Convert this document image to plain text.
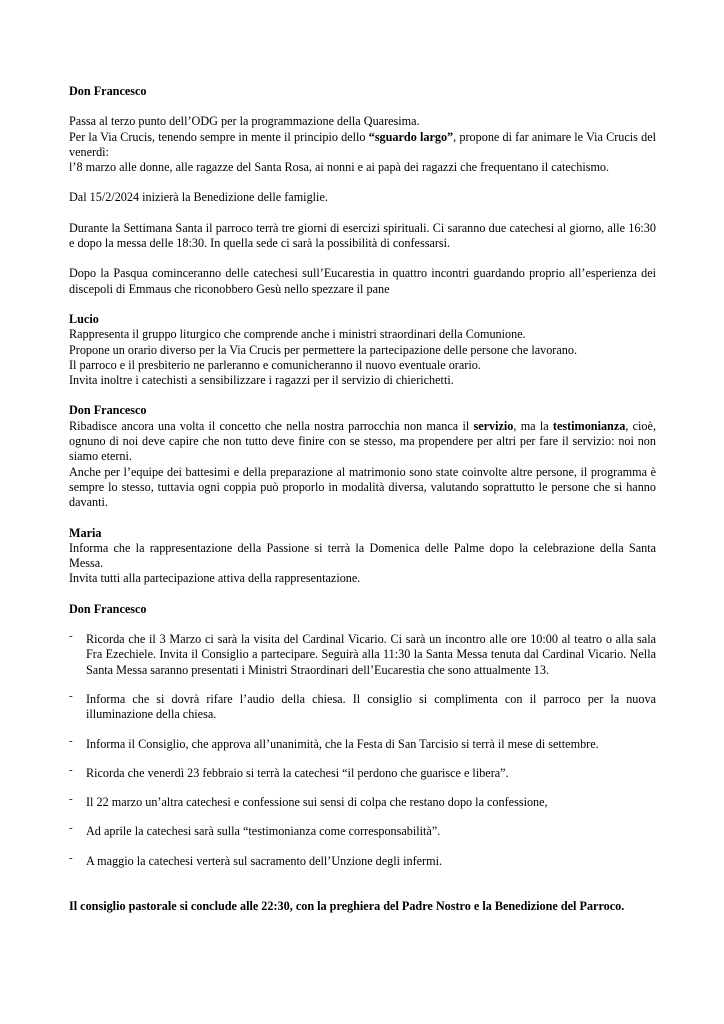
Don Francesco

Passa al terzo punto dell’ODG per la programmazione della Quaresima.

Per la Via Crucis, tenendo sempre in mente il principio dello “sguardo largo”, propone di far animare le Via Crucis del venerdì:

l’8 marzo alle donne, alle ragazze del Santa Rosa, ai nonni e ai papà dei ragazzi che frequentano il catechismo.

Dal 15/2/2024 inizierà la Benedizione delle famiglie.

Durante la Settimana Santa il parroco terrà tre giorni di esercizi spirituali. Ci saranno due catechesi al giorno, alle 16:30 e dopo la messa delle 18:30. In quella sede ci sarà la possibilità di confessarsi.

Dopo la Pasqua cominceranno delle catechesi sull’Eucarestia in quattro incontri guardando proprio all’esperienza dei discepoli di Emmaus che riconobbero Gesù nello spezzare il pane

Lucio

Rappresenta il gruppo liturgico che comprende anche i ministri straordinari della Comunione.

Propone un orario diverso per la Via Crucis per permettere la partecipazione delle persone che lavorano.

Il parroco e il presbiterio ne parleranno e comunicheranno il nuovo eventuale orario.

Invita inoltre i catechisti a sensibilizzare i ragazzi per il servizio di chierichetti.

Don Francesco

Ribadisce ancora una volta il concetto che nella nostra parrocchia non manca il servizio, ma la testimonianza, cioè, ognuno di noi deve capire che non tutto deve finire con se stesso, ma propendere per altri per fare il servizio: noi non siamo eterni.

Anche per l’equipe dei battesimi e della preparazione al matrimonio sono state coinvolte altre persone, il programma è sempre lo stesso, tuttavia ogni coppia può proporlo in modalità diversa, valutando soprattutto le persone che si hanno davanti.

Maria

Informa che la rappresentazione della Passione si terrà la Domenica delle Palme dopo la celebrazione della Santa Messa.

Invita tutti alla partecipazione attiva della rappresentazione.

Don Francesco

- Ricorda che il 3 Marzo ci sarà la visita del Cardinal Vicario. Ci sarà un incontro alle ore 10:00 al teatro o alla sala Fra Ezechiele. Invita il Consiglio a partecipare. Seguirà alla 11:30 la Santa Messa tenuta dal Cardinal Vicario. Nella Santa Messa saranno presentati i Ministri Straordinari dell’Eucarestia che sono attualmente 13.
- Informa che si dovrà rifare l’audio della chiesa. Il consiglio si complimenta con il parroco per la nuova illuminazione della chiesa.
- Informa il Consiglio, che approva all’unanimità, che la Festa di San Tarcisio si terrà il mese di settembre.
- Ricorda che venerdì 23 febbraio si terrà la catechesi “il perdono che guarisce e libera”.
- Il 22 marzo un’altra catechesi e confessione sui sensi di colpa che restano dopo la confessione,
- Ad aprile la catechesi sarà sulla “testimonianza come corresponsabilità”.
- A maggio la catechesi verterà sul sacramento dell’Unzione degli infermi.

Il consiglio pastorale si conclude alle 22:30, con la preghiera del Padre Nostro e la Benedizione del Parroco.
